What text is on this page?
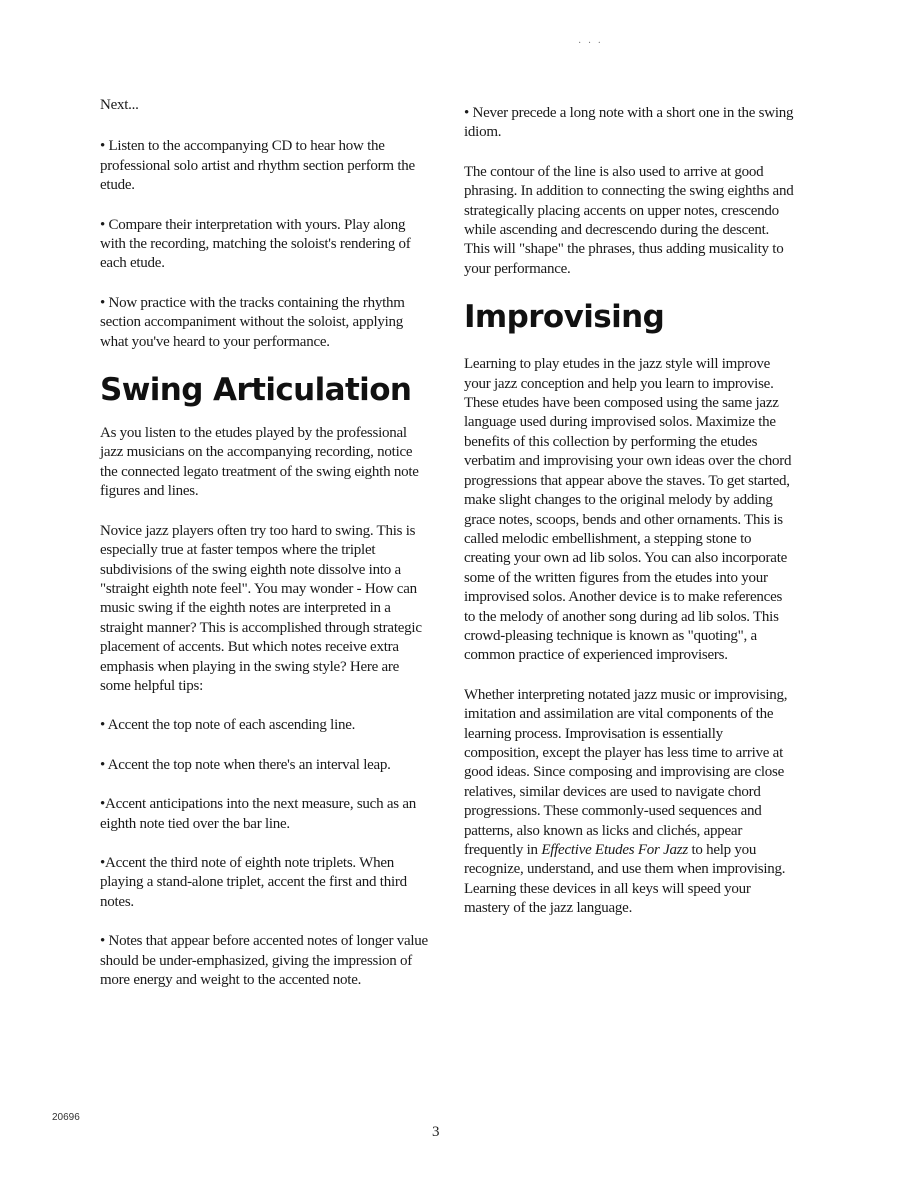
· · ·

Next...

• Listen to the accompanying CD to hear how the professional solo artist and rhythm section perform the etude.

• Compare their interpretation with yours. Play along with the recording, matching the soloist's rendering of each etude.

• Now practice with the tracks containing the rhythm section accompaniment without the soloist, applying what you've heard to your performance.

Swing Articulation

As you listen to the etudes played by the professional jazz musicians on the accompanying recording, notice the connected legato treatment of the swing eighth note figures and lines.

Novice jazz players often try too hard to swing. This is especially true at faster tempos where the triplet subdivisions of the swing eighth note dissolve into a "straight eighth note feel". You may wonder - How can music swing if the eighth notes are interpreted in a straight manner? This is accomplished through strategic placement of accents. But which notes receive extra emphasis when playing in the swing style? Here are some helpful tips:

• Accent the top note of each ascending line.

• Accent the top note when there's an interval leap.

•Accent anticipations into the next measure, such as an eighth note tied over the bar line.

•Accent the third note of eighth note triplets. When playing a stand-alone triplet, accent the first and third notes.

• Notes that appear before accented notes of longer value should be under-emphasized, giving the impression of more energy and weight to the accented note.

• Never precede a long note with a short one in the swing idiom.

The contour of the line is also used to arrive at good phrasing. In addition to connecting the swing eighths and strategically placing accents on upper notes, crescendo while ascending and decrescendo during the descent. This will "shape" the phrases, thus adding musicality to your performance.

Improvising

Learning to play etudes in the jazz style will improve your jazz conception and help you learn to improvise. These etudes have been composed using the same jazz language used during improvised solos. Maximize the benefits of this collection by performing the etudes verbatim and improvising your own ideas over the chord progressions that appear above the staves. To get started, make slight changes to the original melody by adding grace notes, scoops, bends and other ornaments. This is called melodic embellishment, a stepping stone to creating your own ad lib solos. You can also incorporate some of the written figures from the etudes into your improvised solos. Another device is to make references to the melody of another song during ad lib solos. This crowd-pleasing technique is known as "quoting", a common practice of experienced improvisers.

Whether interpreting notated jazz music or improvising, imitation and assimilation are vital components of the learning process. Improvisation is essentially composition, except the player has less time to arrive at good ideas. Since composing and improvising are close relatives, similar devices are used to navigate chord progressions. These commonly-used sequences and patterns, also known as licks and clichés, appear frequently in Effective Etudes For Jazz to help you recognize, understand, and use them when improvising. Learning these devices in all keys will speed your mastery of the jazz language.

20696
3
